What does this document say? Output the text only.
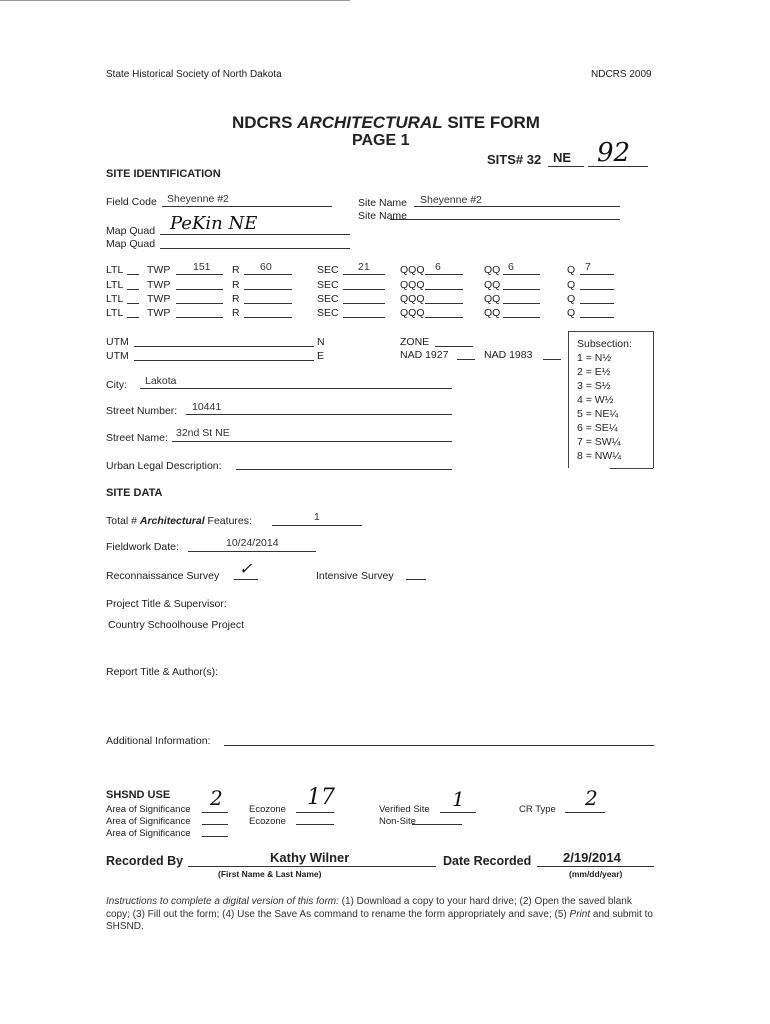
State Historical Society of North Dakota	NDCRS 2009
NDCRS ARCHITECTURAL SITE FORM
PAGE 1
SITS# 32 NE 92
SITE IDENTIFICATION
Field Code Sheyenne #2	Site Name Sheyenne #2
Site Name
Map Quad PeKin NE
Map Quad
LTL TWP 151 R 60	SEC 21	QQQ 6	QQ 6	Q 7
LTL TWP	R	SEC	QQQ	QQ	Q
LTL TWP	R	SEC	QQQ	QQ	Q
LTL TWP	R	SEC	QQQ	QQ	Q
UTM	N
UTM	E
ZONE
NAD 1927	NAD 1983
Subsection:
1 = N½
2 = E½
3 = S½
4 = W½
5 = NE¼
6 = SE¼
7 = SW¼
8 = NW¼
City: Lakota
Street Number: 10441
Street Name: 32nd St NE
Urban Legal Description:
SITE DATA
Total # Architectural Features:	1
Fieldwork Date:	10/24/2014
Reconnaissance Survey ✓	Intensive Survey
Project Title & Supervisor:
Country Schoolhouse Project
Report Title & Author(s):
Additional Information:
SHSND USE
Area of Significance 2
Area of Significance
Area of Significance
Ecozone 17
Ecozone
Verified Site 1
Non-Site
CR Type 2
Recorded By	Kathy Wilner
(First Name & Last Name)
Date Recorded 2/19/2014
(mm/dd/year)
Instructions to complete a digital version of this form: (1) Download a copy to your hard drive; (2) Open the saved blank copy; (3) Fill out the form; (4) Use the Save As command to rename the form appropriately and save; (5) Print and submit to SHSND.
